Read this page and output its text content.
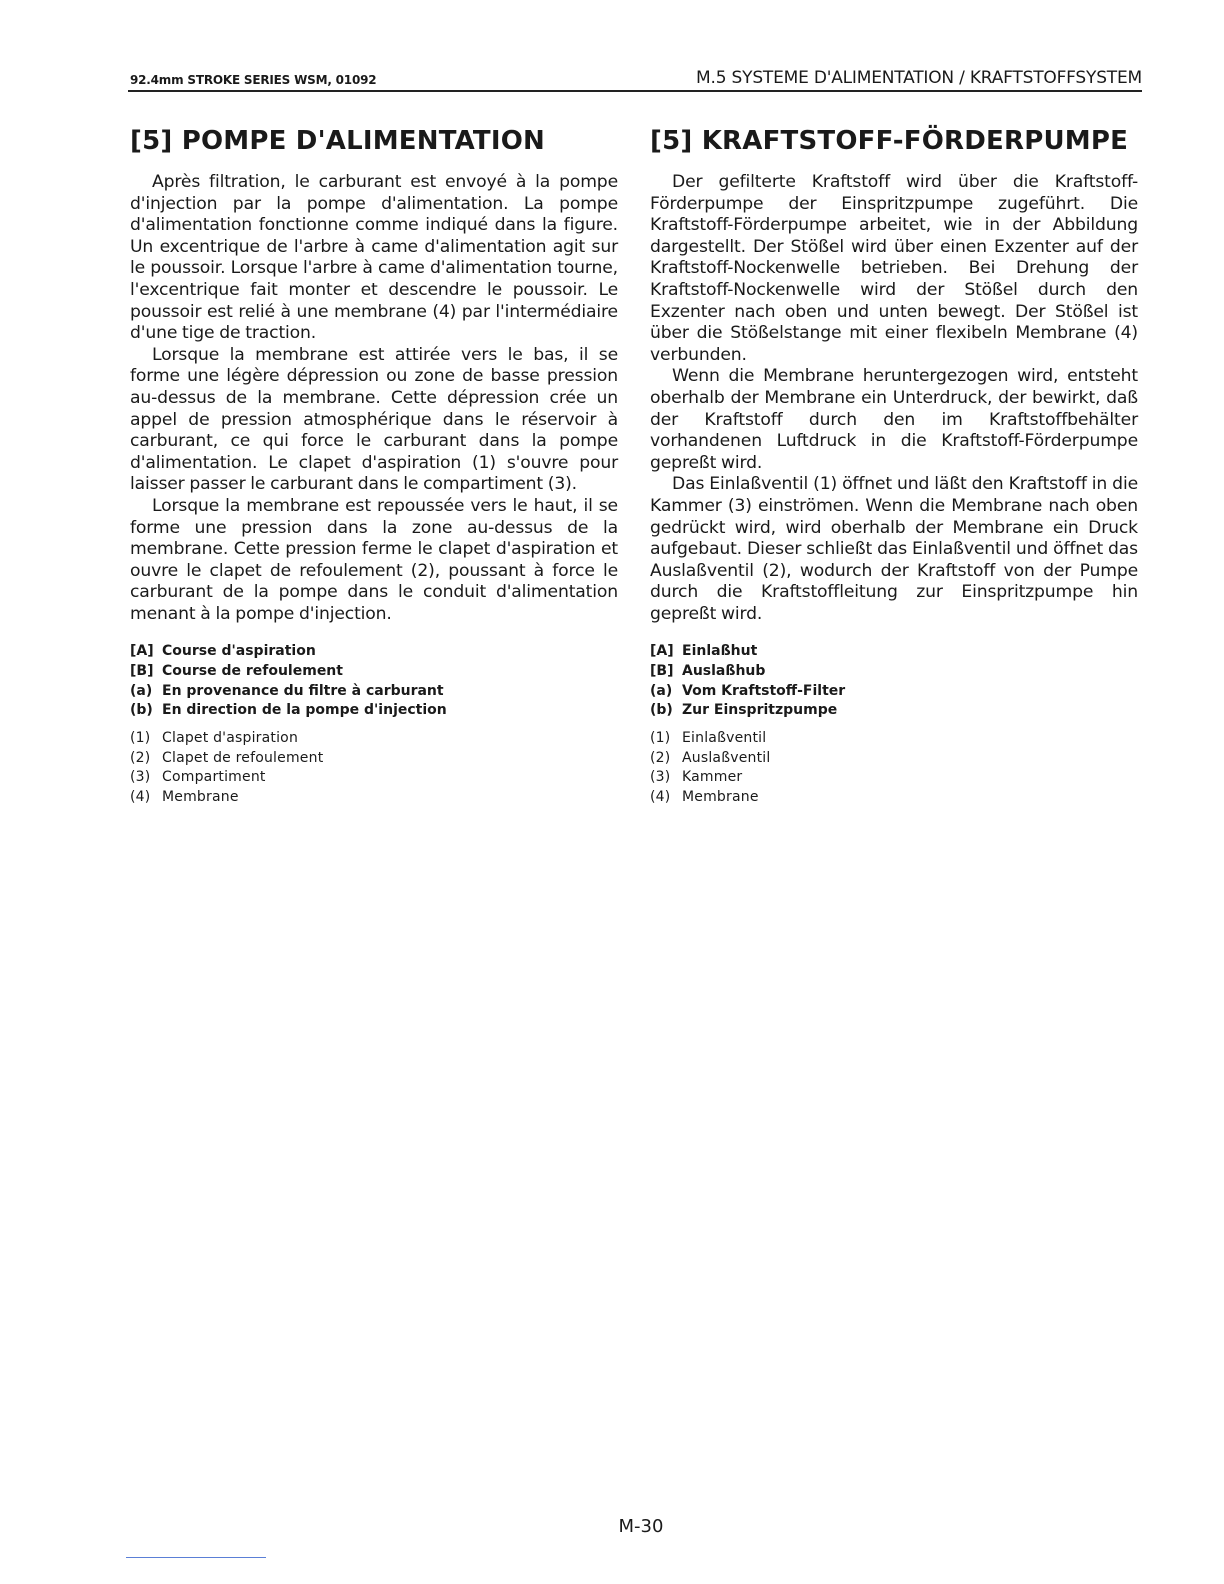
92.4mm STROKE SERIES WSM, 01092	M.5 SYSTEME D'ALIMENTATION / KRAFTSTOFFSYSTEM
[5] POMPE D'ALIMENTATION

Après filtration, le carburant est envoyé à la pompe d'injection par la pompe d'alimentation. La pompe d'alimentation fonctionne comme indiqué dans la figure. Un excentrique de l'arbre à came d'alimentation agit sur le poussoir. Lorsque l'arbre à came d'alimentation tourne, l'excentrique fait monter et descendre le poussoir. Le poussoir est relié à une membrane (4) par l'intermédiaire d'une tige de traction.

Lorsque la membrane est attirée vers le bas, il se forme une légère dépression ou zone de basse pression au-dessus de la membrane. Cette dépression crée un appel de pression atmosphérique dans le réservoir à carburant, ce qui force le carburant dans la pompe d'alimentation. Le clapet d'aspiration (1) s'ouvre pour laisser passer le carburant dans le compartiment (3).

Lorsque la membrane est repoussée vers le haut, il se forme une pression dans la zone au-dessus de la membrane. Cette pression ferme le clapet d'aspiration et ouvre le clapet de refoulement (2), poussant à force le carburant de la pompe dans le conduit d'alimentation menant à la pompe d'injection.

[A] Course d'aspiration
[B] Course de refoulement
(a) En provenance du filtre à carburant
(b) En direction de la pompe d'injection
(1) Clapet d'aspiration
(2) Clapet de refoulement
(3) Compartiment
(4) Membrane
[5] KRAFTSTOFF-FÖRDERPUMPE

Der gefilterte Kraftstoff wird über die Kraftstoff-Förderpumpe der Einspritzpumpe zugeführt. Die Kraftstoff-Förderpumpe arbeitet, wie in der Abbildung dargestellt. Der Stößel wird über einen Exzenter auf der Kraftstoff-Nockenwelle betrieben. Bei Drehung der Kraftstoff-Nockenwelle wird der Stößel durch den Exzenter nach oben und unten bewegt. Der Stößel ist über die Stößelstange mit einer flexibeln Membrane (4) verbunden.

Wenn die Membrane heruntergezogen wird, entsteht oberhalb der Membrane ein Unterdruck, der bewirkt, daß der Kraftstoff durch den im Kraftstoffbehälter vorhandenen Luftdruck in die Kraftstoff-Förderpumpe gepreßt wird.

Das Einlaßventil (1) öffnet und läßt den Kraftstoff in die Kammer (3) einströmen. Wenn die Membrane nach oben gedrückt wird, wird oberhalb der Membrane ein Druck aufgebaut. Dieser schließt das Einlaßventil und öffnet das Auslaßventil (2), wodurch der Kraftstoff von der Pumpe durch die Kraftstoffleitung zur Einspritzpumpe hin gepreßt wird.

[A] Einlaßhut
[B] Auslaßhub
(a) Vom Kraftstoff-Filter
(b) Zur Einspritzpumpe
(1) Einlaßventil
(2) Auslaßventil
(3) Kammer
(4) Membrane
M-30
